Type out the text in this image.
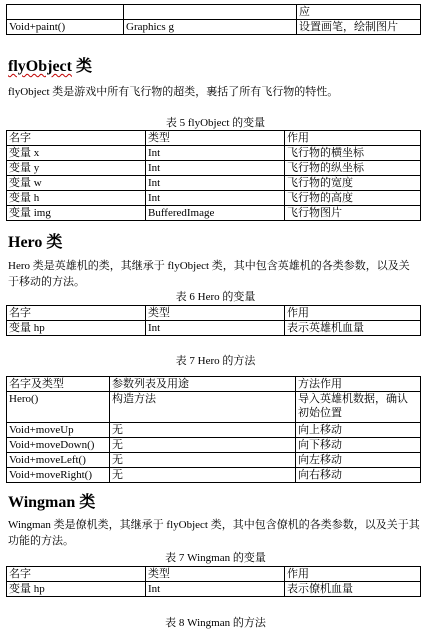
		应
Void+paint()	Graphics g	设置画笔，绘制图片
flyObject 类
flyObject 类是游戏中所有飞行物的超类，裹括了所有飞行物的特性。
表 5 flyObject 的变量
名字	类型	作用
变量 x	Int	飞行物的横坐标
变量 y	Int	飞行物的纵坐标
变量 w	Int	飞行物的宽度
变量 h	Int	飞行物的高度
变量 img	BufferedImage	飞行物图片
Hero 类
Hero 类是英雄机的类，其继承于 flyObject 类，其中包含英雄机的各类参数，以及关于移动的方法。
表 6 Hero 的变量
名字	类型	作用
变量 hp	Int	表示英雄机血量
表 7 Hero 的方法
名字及类型	参数列表及用途	方法作用
Hero()	构造方法	导入英雄机数据，确认初始位置
Void+moveUp	无	向上移动
Void+moveDown()	无	向下移动
Void+moveLeft()	无	向左移动
Void+moveRight()	无	向右移动
Wingman 类
Wingman 类是僚机类，其继承于 flyObject 类，其中包含僚机的各类参数，以及关于其功能的方法。
表 7 Wingman 的变量
名字	类型	作用
变量 hp	Int	表示僚机血量
表 8 Wingman 的方法
